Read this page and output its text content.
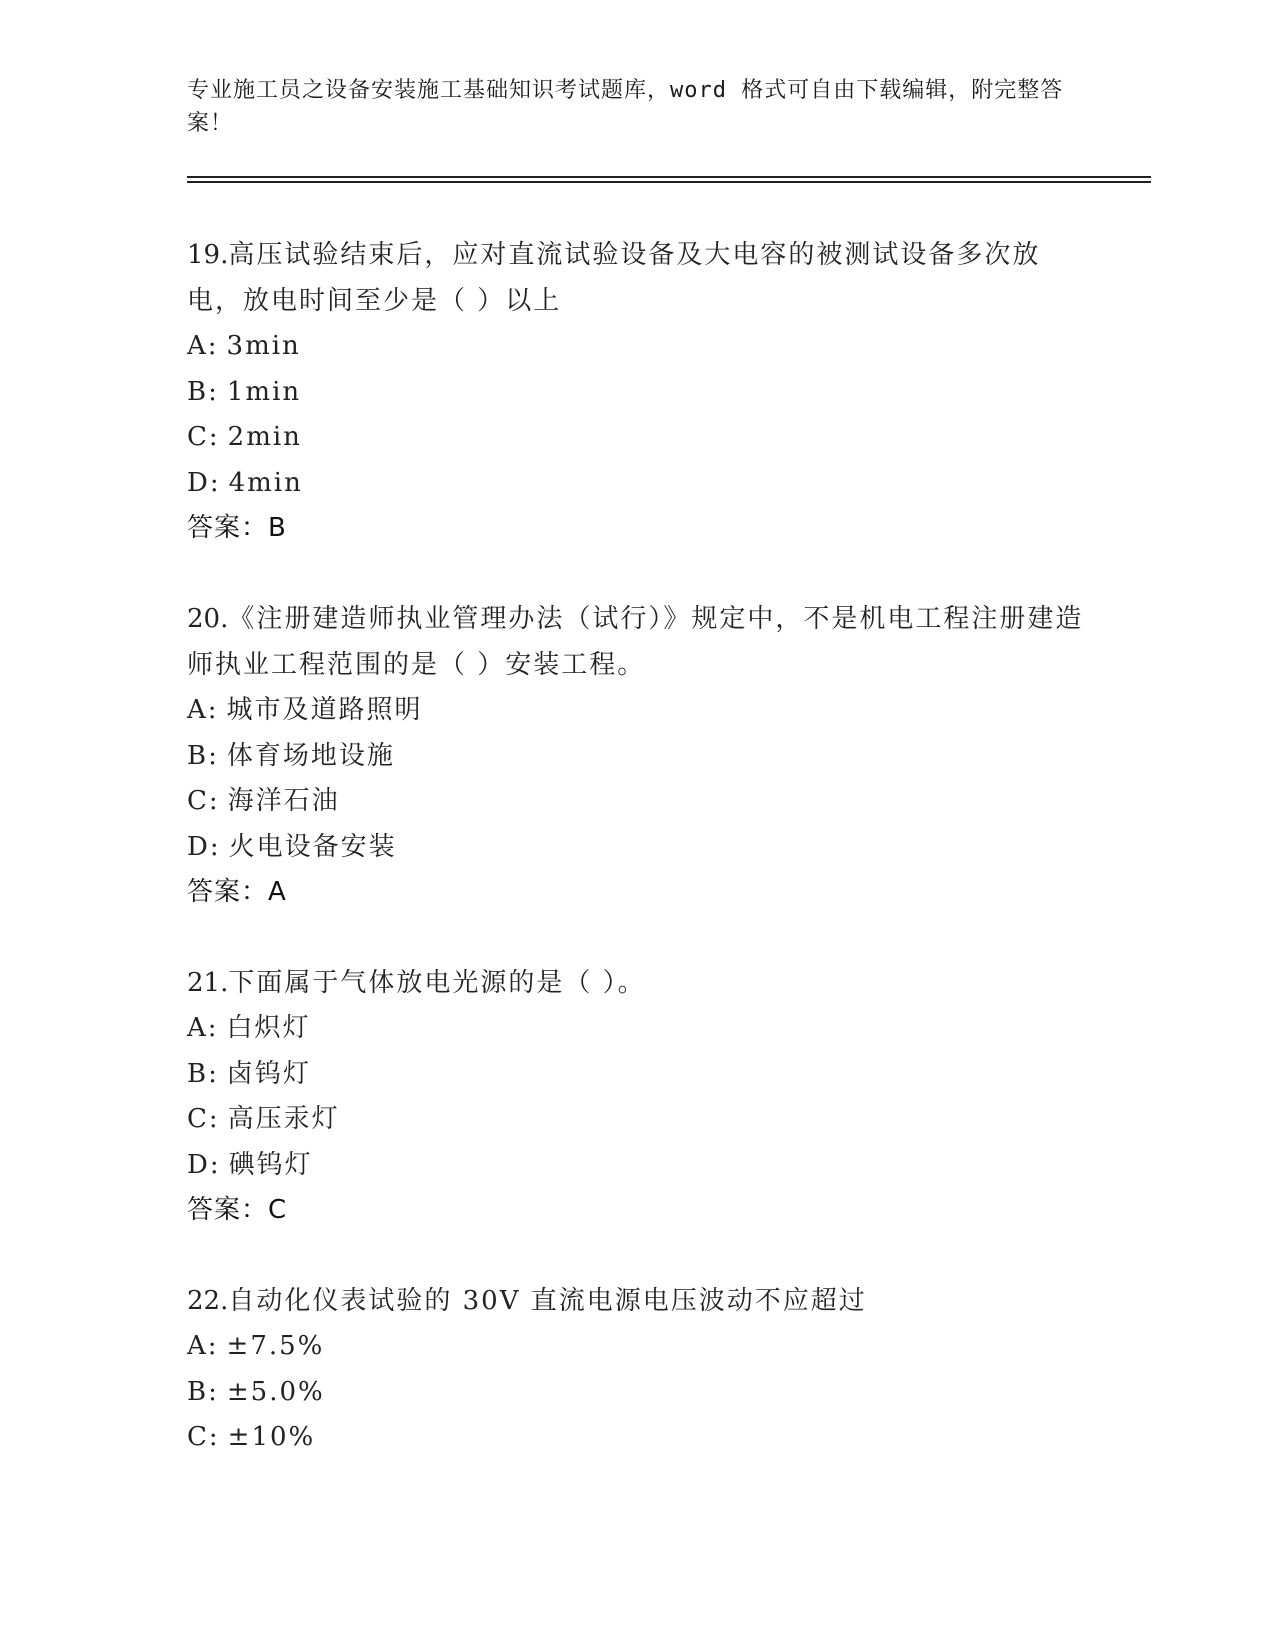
专业施工员之设备安装施工基础知识考试题库，word 格式可自由下载编辑，附完整答案！

19.高压试验结束后，应对直流试验设备及大电容的被测试设备多次放电，放电时间至少是（ ）以上

A: 3min

B: 1min

C: 2min

D: 4min

答案：B

20.《注册建造师执业管理办法（试行）》规定中，不是机电工程注册建造师执业工程范围的是（ ）安装工程。

A: 城市及道路照明

B: 体育场地设施

C: 海洋石油

D: 火电设备安装

答案：A

21.下面属于气体放电光源的是（ ）。

A: 白炽灯

B: 卤钨灯

C: 高压汞灯

D: 碘钨灯

答案：C

22.自动化仪表试验的 30V 直流电源电压波动不应超过

A: ±7.5%

B: ±5.0%

C: ±10%
